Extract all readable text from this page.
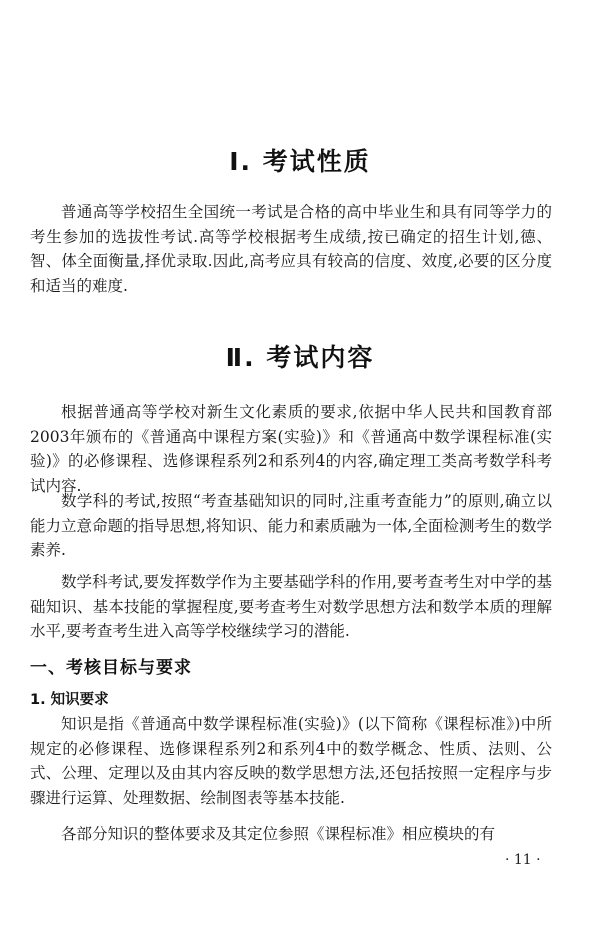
Ⅰ. 考试性质
普通高等学校招生全国统一考试是合格的高中毕业生和具有同等学力的考生参加的选拔性考试.高等学校根据考生成绩,按已确定的招生计划,德、智、体全面衡量,择优录取.因此,高考应具有较高的信度、效度,必要的区分度和适当的难度.
Ⅱ. 考试内容
根据普通高等学校对新生文化素质的要求,依据中华人民共和国教育部2003年颁布的《普通高中课程方案(实验)》和《普通高中数学课程标准(实验)》的必修课程、选修课程系列2和系列4的内容,确定理工类高考数学科考试内容.
数学科的考试,按照“考查基础知识的同时,注重考查能力”的原则,确立以能力立意命题的指导思想,将知识、能力和素质融为一体,全面检测考生的数学素养.
数学科考试,要发挥数学作为主要基础学科的作用,要考查考生对中学的基础知识、基本技能的掌握程度,要考查考生对数学思想方法和数学本质的理解水平,要考查考生进入高等学校继续学习的潜能.
一、考核目标与要求
1. 知识要求
知识是指《普通高中数学课程标准(实验)》(以下简称《课程标准》)中所规定的必修课程、选修课程系列2和系列4中的数学概念、性质、法则、公式、公理、定理以及由其内容反映的数学思想方法,还包括按照一定程序与步骤进行运算、处理数据、绘制图表等基本技能.
各部分知识的整体要求及其定位参照《课程标准》相应模块的有
· 11 ·
